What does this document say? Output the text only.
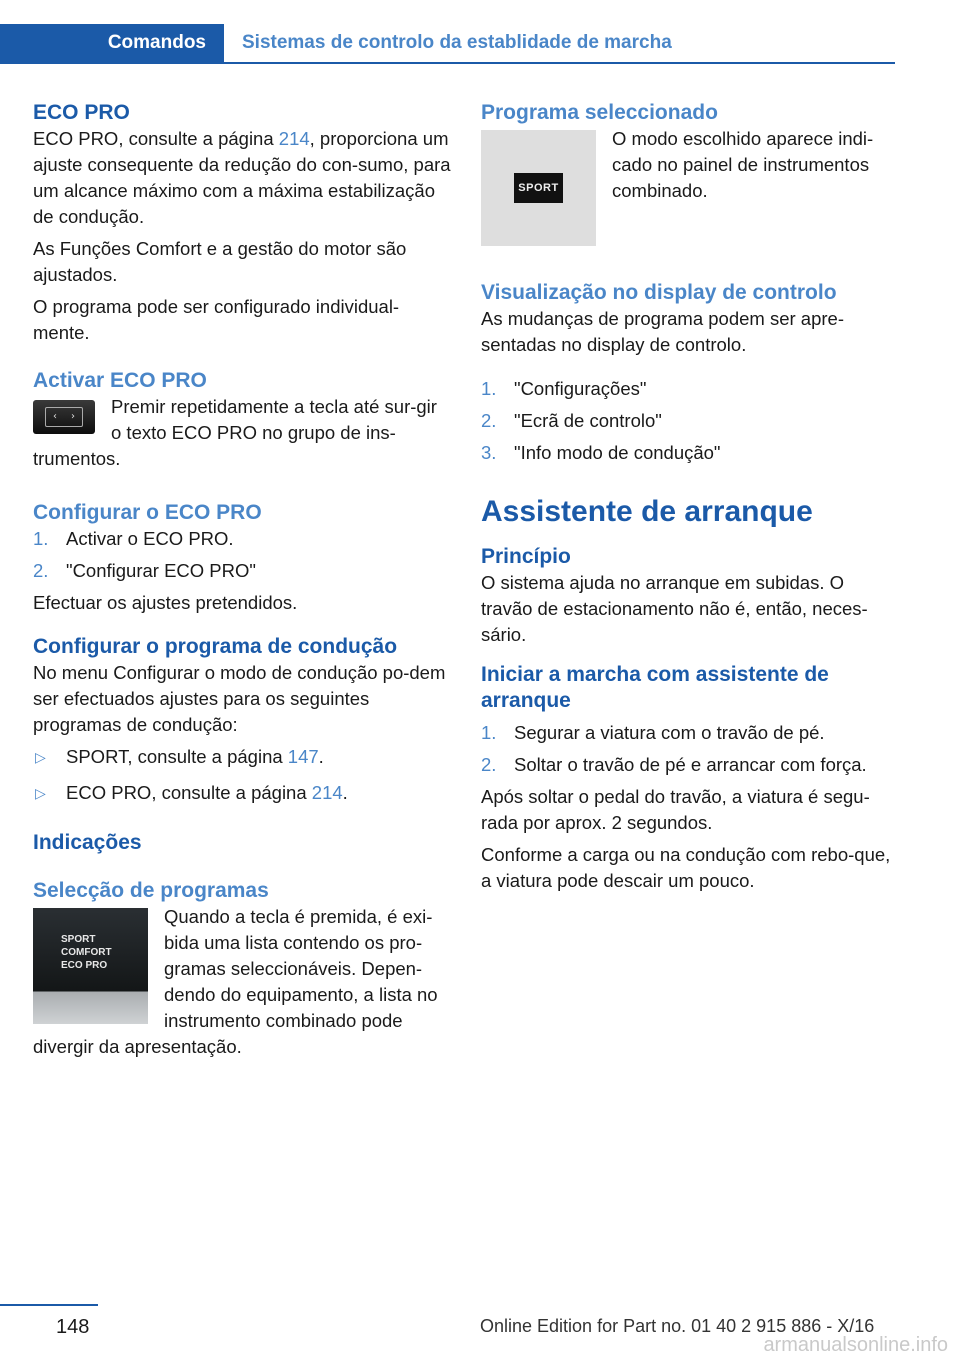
Comandos	Sistemas de controlo da establidade de marcha
ECO PRO

ECO PRO, consulte a página 214, proporciona um ajuste consequente da redução do con-sumo, para um alcance máximo com a máxima estabilização de condução.

As Funções Comfort e a gestão do motor são ajustados.

O programa pode ser configurado individual-mente.

Activar ECO PRO
‹ ›	Premir repetidamente a tecla até sur-gir o texto ECO PRO no grupo de ins-trumentos.

Configurar o ECO PRO
1. Activar o ECO PRO.
2. "Configurar ECO PRO"

Efectuar os ajustes pretendidos.

Configurar o programa de condução

No menu Configurar o modo de condução po-dem ser efectuados ajustes para os seguintes programas de condução:

▷ SPORT, consulte a página 147.
▷ ECO PRO, consulte a página 214.
Indicações
Selecção de programas
SPORT
COMFORT
ECO PRO

Quando a tecla é premida, é exi-bida uma lista contendo os pro-gramas seleccionáveis. Depen-dendo do equipamento, a lista no instrumento combinado pode divergir da apresentação.

Programa seleccionado
SPORT

O modo escolhido aparece indi-cado no painel de instrumentos combinado.

Visualização no display de controlo

As mudanças de programa podem ser apre-sentadas no display de controlo.

1. "Configurações"
2. "Ecrã de controlo"
3. "Info modo de condução"
Assistente de arranque
Princípio

O sistema ajuda no arranque em subidas. O travão de estacionamento não é, então, neces-sário.

Iniciar a marcha com assistente de arranque
1. Segurar a viatura com o travão de pé.
2. Soltar o travão de pé e arrancar com força.

Após soltar o pedal do travão, a viatura é segu-rada por aprox. 2 segundos.

Conforme a carga ou na condução com rebo-que, a viatura pode descair um pouco.

148	Online Edition for Part no. 01 40 2 915 886 - X/16
armanualsonline.info
